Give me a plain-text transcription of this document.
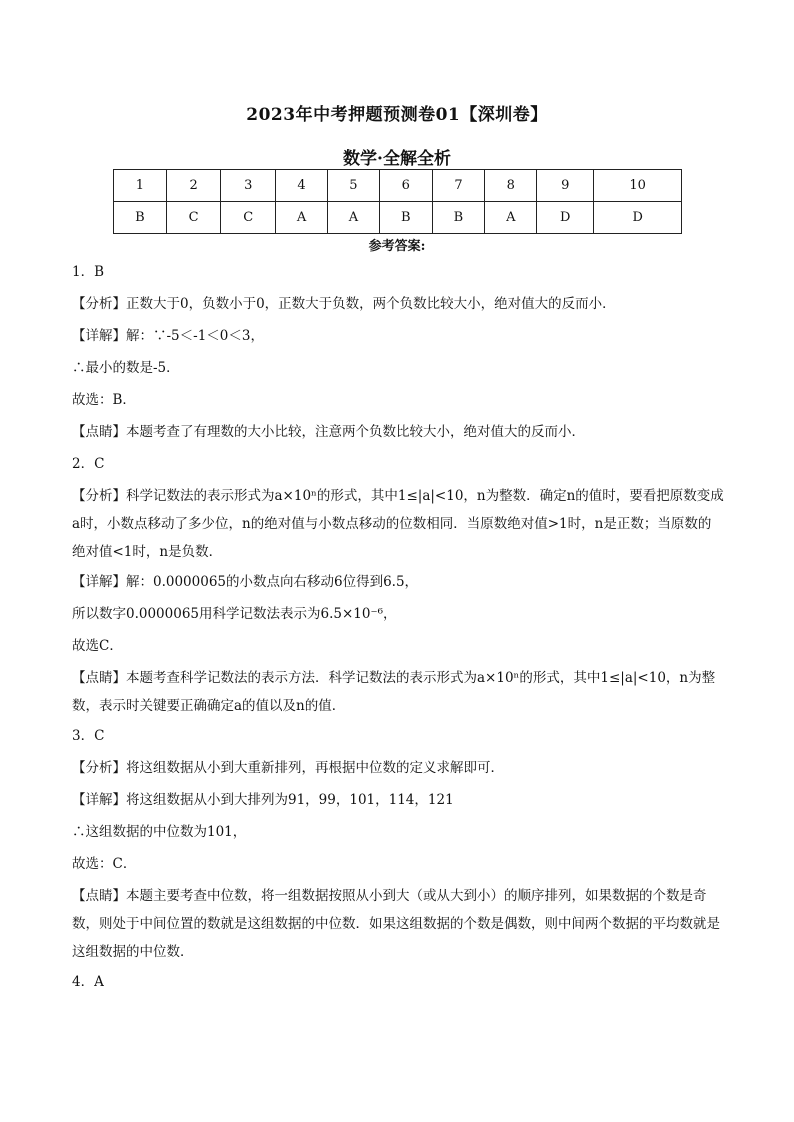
2023年中考押题预测卷01【深圳卷】
数学·全解全析
1	2	3	4	5	6	7	8	9	10
B	C	C	A	A	B	B	A	D	D
参考答案:

1．B

【分析】正数大于0，负数小于0，正数大于负数，两个负数比较大小，绝对值大的反而小．

【详解】解：∵-5＜-1＜0＜3，

∴最小的数是-5．

故选：B．

【点睛】本题考查了有理数的大小比较，注意两个负数比较大小，绝对值大的反而小．

2．C

【分析】科学记数法的表示形式为a×10ⁿ的形式，其中1≤|a|<10，n为整数．确定n的值时，要看把原数变成a时，小数点移动了多少位，n的绝对值与小数点移动的位数相同．当原数绝对值>1时，n是正数；当原数的绝对值<1时，n是负数．

【详解】解：0.0000065的小数点向右移动6位得到6.5，

所以数字0.0000065用科学记数法表示为6.5×10⁻⁶，

故选C．

【点睛】本题考查科学记数法的表示方法．科学记数法的表示形式为a×10ⁿ的形式，其中1≤|a|<10，n为整数，表示时关键要正确确定a的值以及n的值．

3．C

【分析】将这组数据从小到大重新排列，再根据中位数的定义求解即可．

【详解】将这组数据从小到大排列为91，99，101，114，121

∴这组数据的中位数为101，

故选：C．

【点睛】本题主要考查中位数，将一组数据按照从小到大（或从大到小）的顺序排列，如果数据的个数是奇数，则处于中间位置的数就是这组数据的中位数．如果这组数据的个数是偶数，则中间两个数据的平均数就是这组数据的中位数．

4．A
